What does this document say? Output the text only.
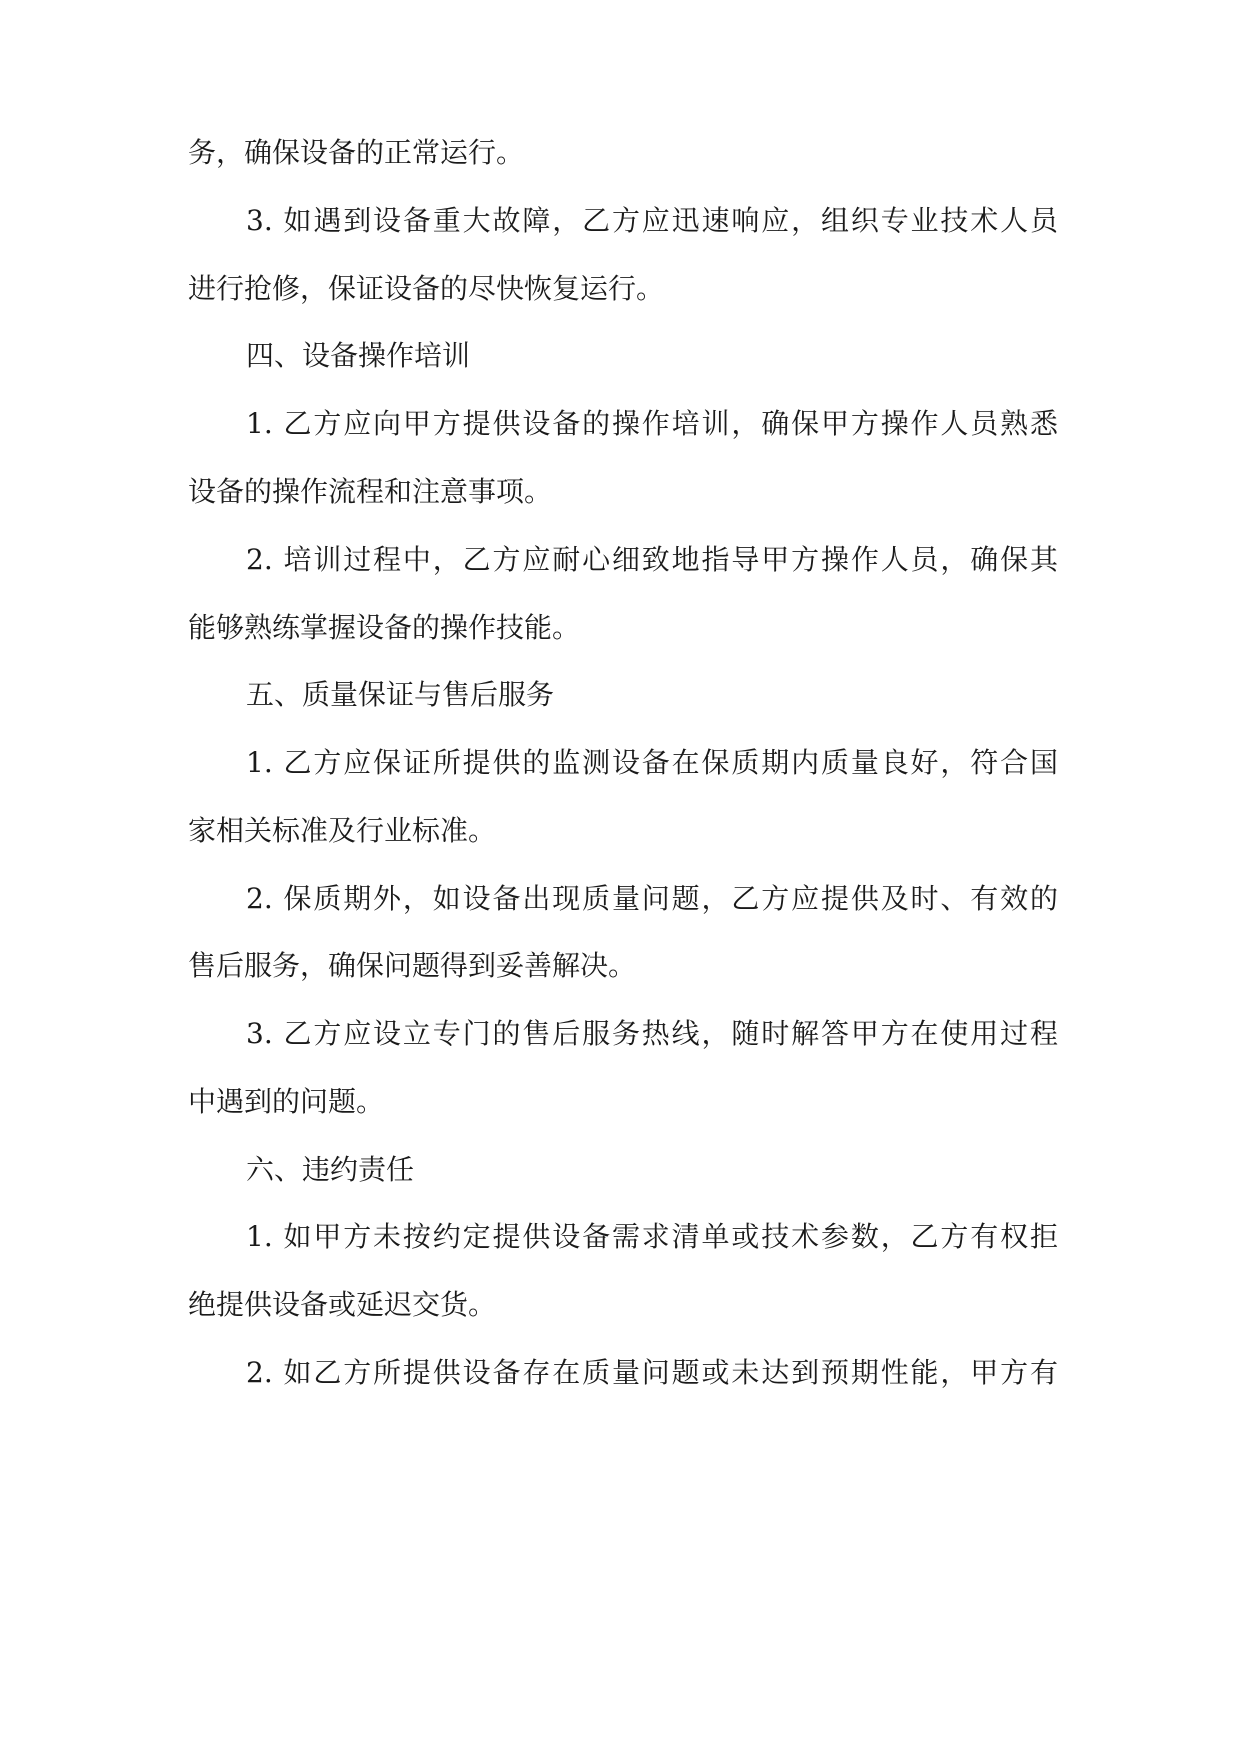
务，确保设备的正常运行。
3. 如遇到设备重大故障，乙方应迅速响应，组织专业技术人员
进行抢修，保证设备的尽快恢复运行。
四、设备操作培训
1. 乙方应向甲方提供设备的操作培训，确保甲方操作人员熟悉
设备的操作流程和注意事项。
2. 培训过程中，乙方应耐心细致地指导甲方操作人员，确保其
能够熟练掌握设备的操作技能。
五、质量保证与售后服务
1. 乙方应保证所提供的监测设备在保质期内质量良好，符合国
家相关标准及行业标准。
2. 保质期外，如设备出现质量问题，乙方应提供及时、有效的
售后服务，确保问题得到妥善解决。
3. 乙方应设立专门的售后服务热线，随时解答甲方在使用过程
中遇到的问题。
六、违约责任
1. 如甲方未按约定提供设备需求清单或技术参数，乙方有权拒
绝提供设备或延迟交货。
2. 如乙方所提供设备存在质量问题或未达到预期性能，甲方有
